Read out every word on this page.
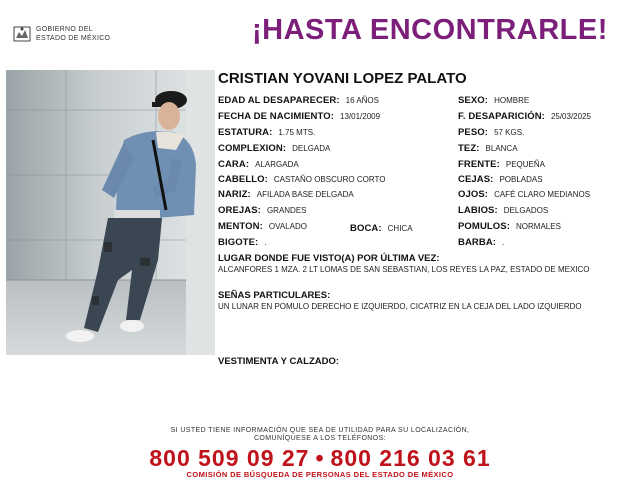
GOBIERNO DEL
ESTADO DE MÉXICO	¡HASTA ENCONTRARLE!
CRISTIAN YOVANI LOPEZ PALATO
EDAD AL DESAPARECER: 16 AÑOS
FECHA DE NACIMIENTO: 13/01/2009
ESTATURA: 1.75 MTS.
COMPLEXION: DELGADA
CARA: ALARGADA
CABELLO: CASTAÑO OBSCURO CORTO
NARIZ: AFILADA BASE DELGADA
OREJAS: GRANDES
MENTON: OVALADO	BOCA: CHICA
BIGOTE: .
SEXO: HOMBRE
F. DESAPARICIÓN: 25/03/2025
PESO: 57 KGS.
TEZ: BLANCA
FRENTE: PEQUEÑA
CEJAS: POBLADAS
OJOS: CAFÉ CLARO MEDIANOS
LABIOS: DELGADOS
POMULOS: NORMALES
BARBA: .
LUGAR DONDE FUE VISTO(A) POR ÚLTIMA VEZ:
ALCANFORES 1 MZA. 2 LT LOMAS DE SAN SEBASTIAN, LOS REYES LA PAZ, ESTADO DE MEXICO
SEÑAS PARTICULARES:
UN LUNAR EN POMULO DERECHO E IZQUIERDO, CICATRIZ EN LA CEJA DEL LADO IZQUIERDO
VESTIMENTA Y CALZADO:
SI USTED TIENE INFORMACIÓN QUE SEA DE UTILIDAD PARA SU LOCALIZACIÓN,
COMUNÍQUESE A LOS TELÉFONOS:
800 509 09 27 • 800 216 03 61
COMISIÓN DE BÚSQUEDA DE PERSONAS DEL ESTADO DE MÉXICO
